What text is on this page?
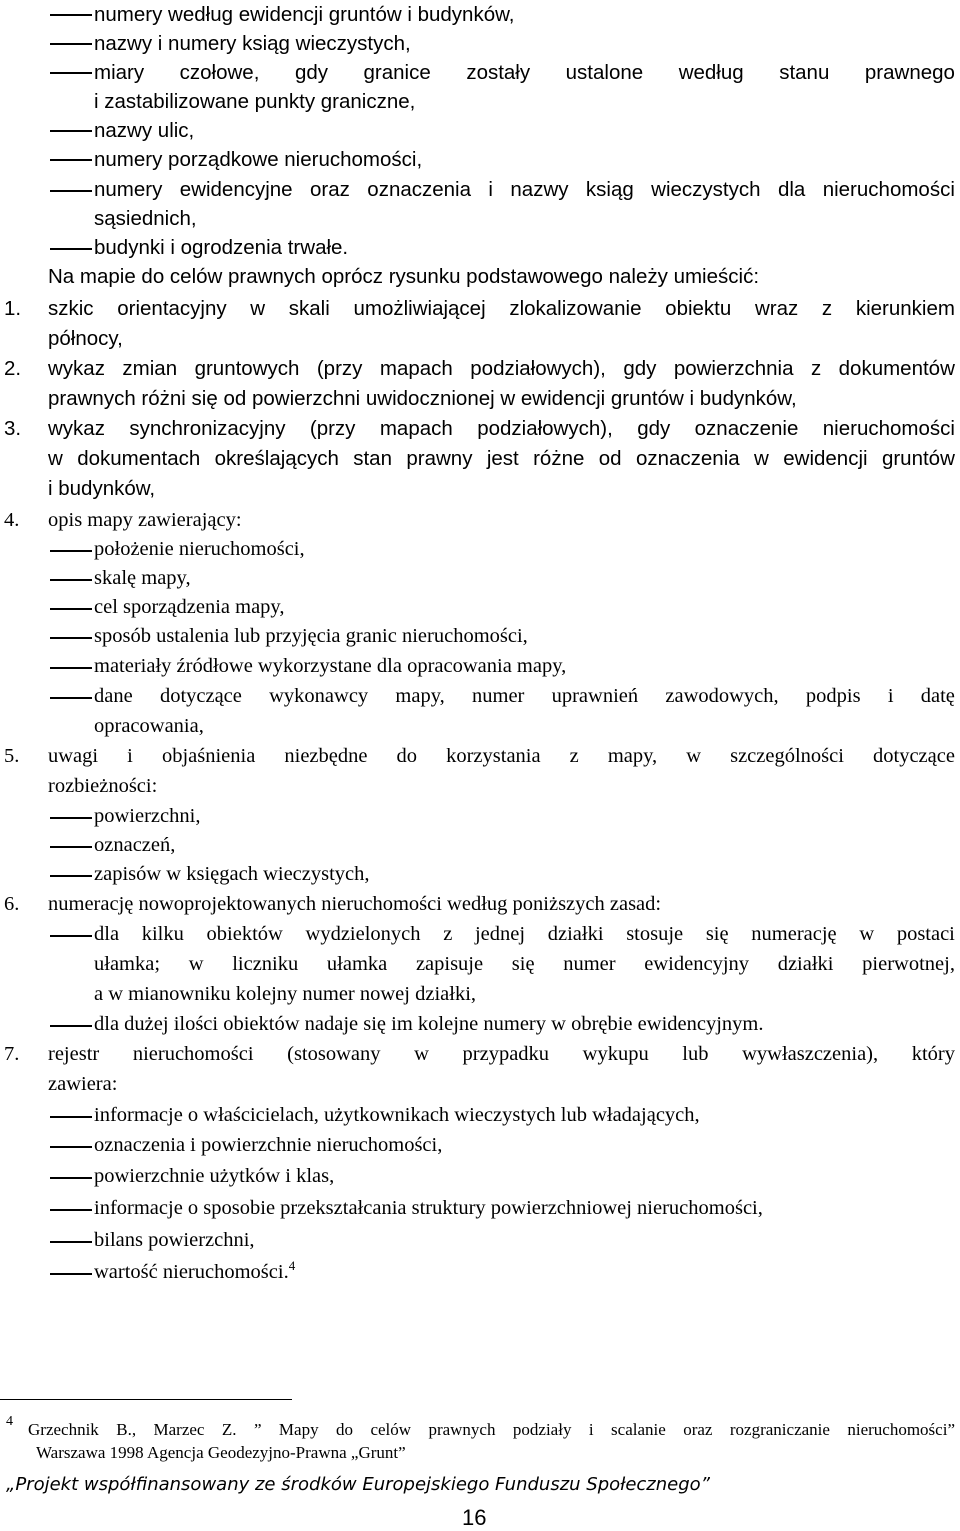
numery według ewidencji gruntów i budynków,
nazwy i numery ksiąg wieczystych,
miary czołowe, gdy granice zostały ustalone według stanu prawnego
i zastabilizowane punkty graniczne,
nazwy ulic,
numery porządkowe nieruchomości,
numery ewidencyjne oraz oznaczenia i nazwy ksiąg wieczystych dla nieruchomości
sąsiednich,
budynki i ogrodzenia trwałe.
Na mapie do celów prawnych oprócz rysunku podstawowego należy umieścić:
1. szkic orientacyjny w skali umożliwiającej zlokalizowanie obiektu wraz z kierunkiem
północy,
2. wykaz zmian gruntowych (przy mapach podziałowych), gdy powierzchnia z dokumentów
prawnych różni się od powierzchni uwidocznionej w ewidencji gruntów i budynków,
3. wykaz synchronizacyjny (przy mapach podziałowych), gdy oznaczenie nieruchomości
w dokumentach określających stan prawny jest różne od oznaczenia w ewidencji gruntów
i budynków,
4. opis mapy zawierający:
położenie nieruchomości,
skalę mapy,
cel sporządzenia mapy,
sposób ustalenia lub przyjęcia granic nieruchomości,
materiały źródłowe wykorzystane dla opracowania mapy,
dane dotyczące wykonawcy mapy, numer uprawnień zawodowych, podpis i datę
opracowania,
5. uwagi i objaśnienia niezbędne do korzystania z mapy, w szczególności dotyczące
rozbieżności:
powierzchni,
oznaczeń,
zapisów w księgach wieczystych,
6. numerację nowoprojektowanych nieruchomości według poniższych zasad:
dla kilku obiektów wydzielonych z jednej działki stosuje się numerację w postaci
ułamka; w liczniku ułamka zapisuje się numer ewidencyjny działki pierwotnej,
a w mianowniku kolejny numer nowej działki,
dla dużej ilości obiektów nadaje się im kolejne numery w obrębie ewidencyjnym.
7. rejestr nieruchomości (stosowany w przypadku wykupu lub wywłaszczenia), który
zawiera:
informacje o właścicielach, użytkownikach wieczystych lub władających,
oznaczenia i powierzchnie nieruchomości,
powierzchnie użytków i klas,
informacje o sposobie przekształcania struktury powierzchniowej nieruchomości,
bilans powierzchni,
wartość nieruchomości.$^4$
4 Grzechnik B., Marzec Z. ” Mapy do celów prawnych podziały i scalanie oraz rozgraniczanie nieruchomości”
Warszawa 1998 Agencja Geodezyjno-Prawna „Grunt”
„Projekt współfinansowany ze środków Europejskiego Funduszu Społecznego”
16
